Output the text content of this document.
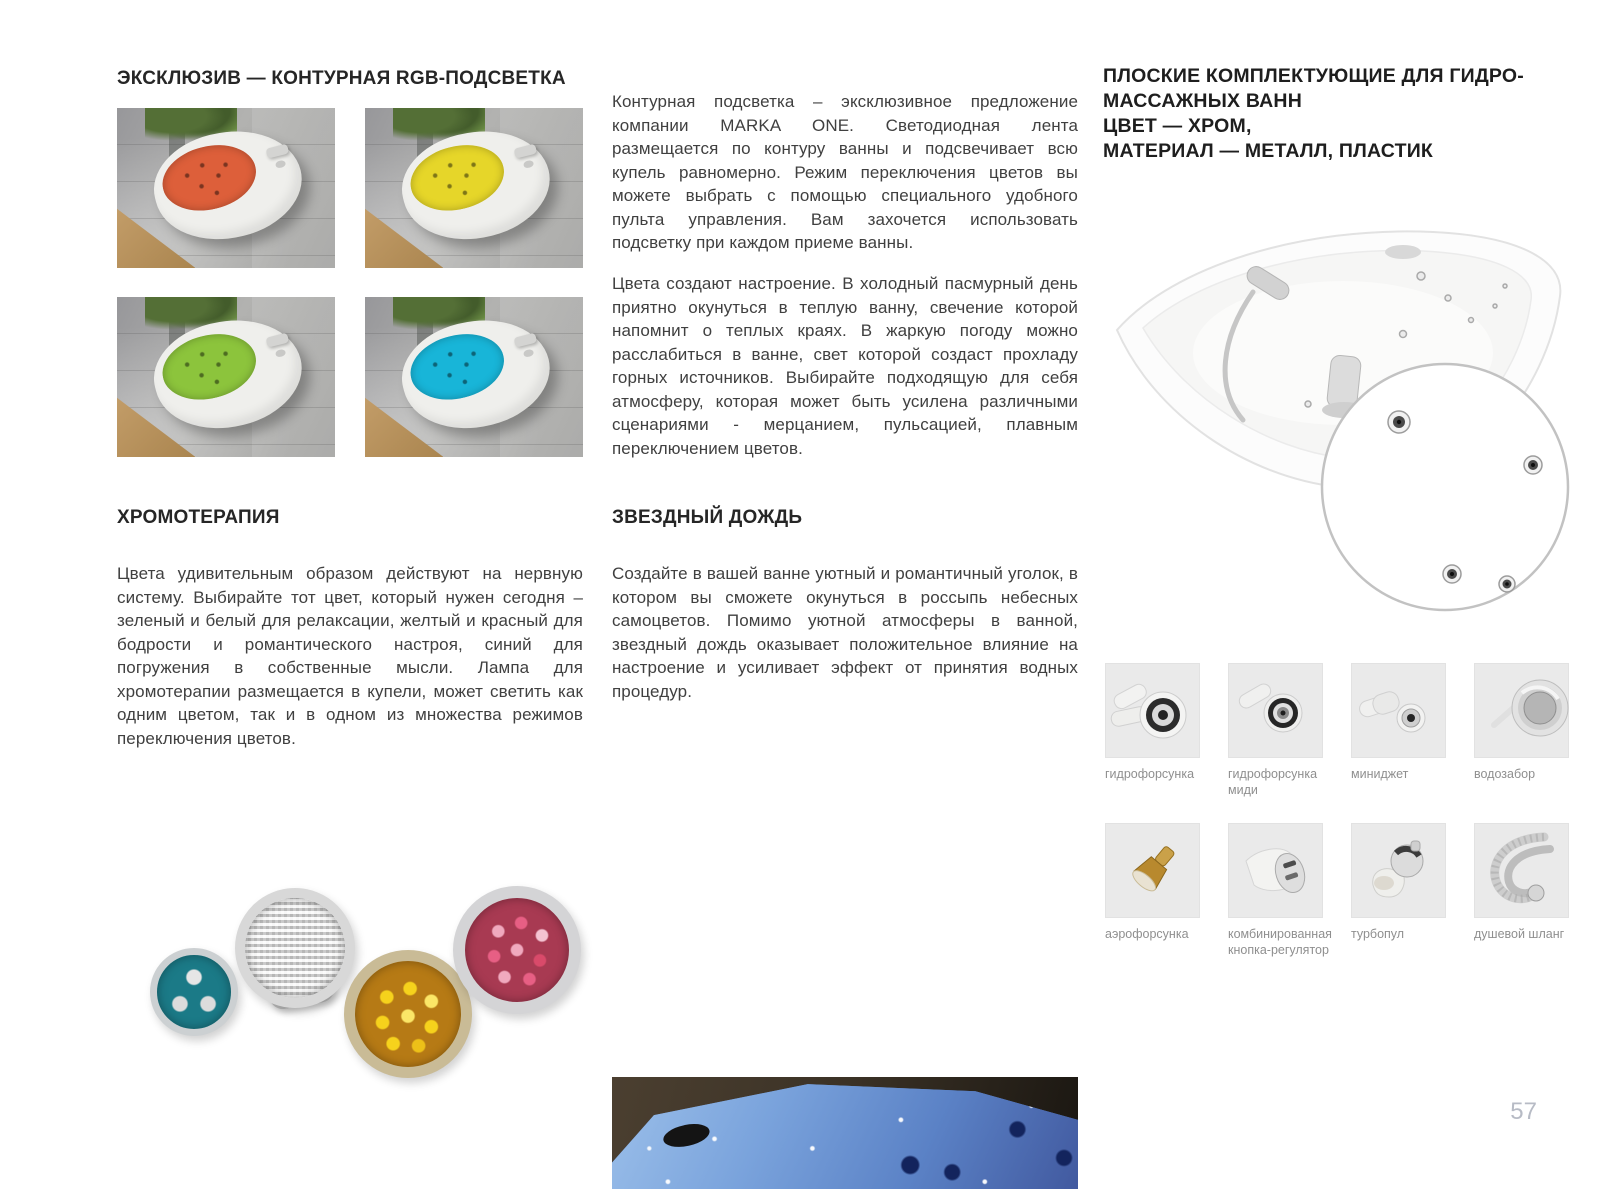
ЭКСКЛЮЗИВ — КОНТУРНАЯ RGB-ПОДСВЕТКА
ХРОМОТЕРАПИЯ
Цвета удивительным образом действуют на нервную систему. Выбирайте тот цвет, который нужен сегодня – зеленый и белый для релаксации, желтый и красный для бодрости и романтического настроя, синий для погружения в собственные мысли. Лампа для хромотерапии размещается в купели, может светить как одним цветом, так и в одном из множества режимов переключения цветов.
Контурная подсветка – эксклюзивное предложение компании MARKA ONE. Светодиодная лента размещается по контуру ванны и подсвечивает всю купель равномерно. Режим переключения цветов вы можете выбрать с помощью специального удобного пульта управления. Вам захочется использовать подсветку при каждом приеме ванны.
Цвета создают настроение. В холодный пасмурный день приятно окунуться в теплую ванну, свечение которой напомнит о теплых краях. В жаркую погоду можно расслабиться в ванне, свет которой создаст прохладу горных источников. Выбирайте подходящую для себя атмосферу, которая может быть усилена различными сценариями - мерцанием, пульсацией, плавным переключением цветов.
ЗВЕЗДНЫЙ ДОЖДЬ
Создайте в вашей ванне уютный и романтичный уголок, в котором вы сможете окунуться в россыпь небесных самоцветов. Помимо уютной атмосферы в ванной, звездный дождь оказывает положительное влияние на настроение и усиливает эффект от принятия водных процедур.
ПЛОСКИЕ КОМПЛЕКТУЮЩИЕ ДЛЯ ГИДРО-
МАССАЖНЫХ ВАНН
ЦВЕТ — ХРОМ,
МАТЕРИАЛ — МЕТАЛЛ, ПЛАСТИК
гидрофорсунка	гидрофорсунка миди
миниджет	водозабор
аэрофорсунка	комбинированная кнопка-регулятор
турбопул	душевой шланг
57
